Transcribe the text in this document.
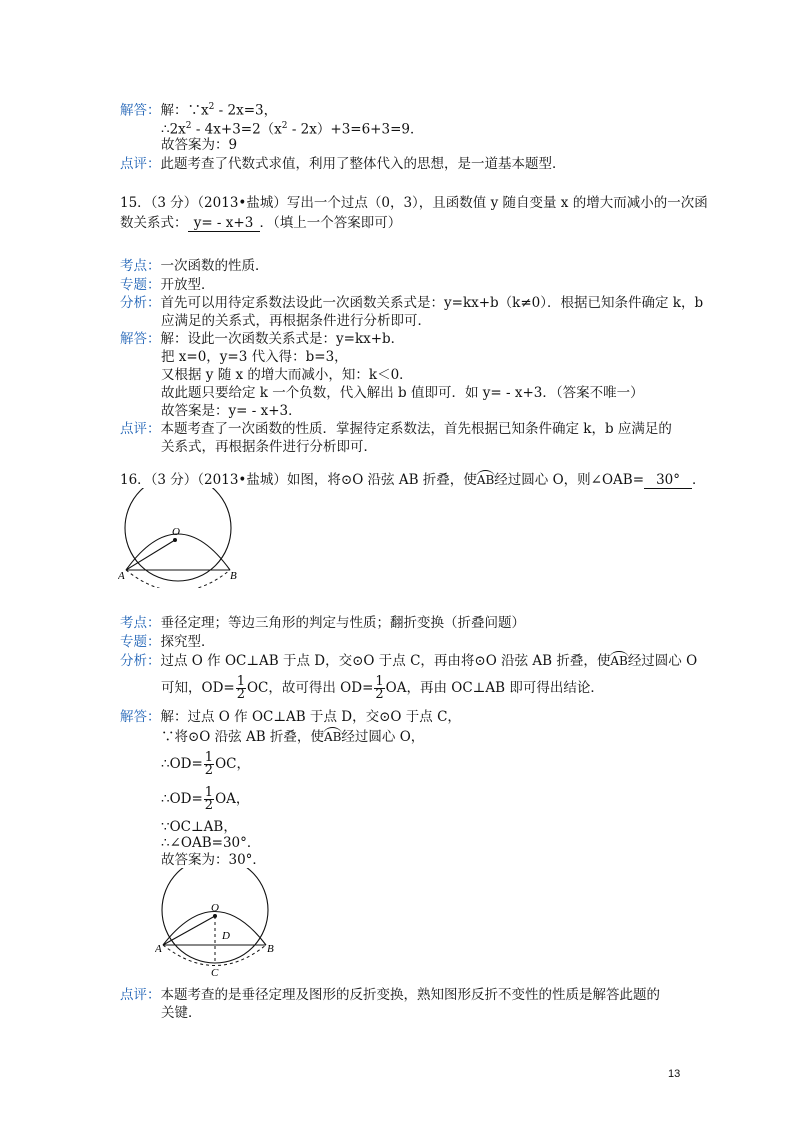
解答：解：$\because x^2 - 2x=3$，
$\therefore 2x^2 - 4x+3=2(x^2 - 2x)+3=6+3=9$．
故答案为：9
点评：此题考查了代数式求值，利用了整体代入的思想，是一道基本题型．
15．（3 分）（2013•盐城）写出一个过点（0，3），且函数值 y 随自变量 x 的增大而减小的一次函
数关系式： y= - x+3 ．（填上一个答案即可）
考点：一次函数的性质．
专题：开放型．
分析：首先可以用待定系数法设此一次函数关系式是：y=kx+b（k≠0）．根据已知条件确定 k，b
应满足的关系式，再根据条件进行分析即可．
解答：解：设此一次函数关系式是：y=kx+b．
把 x=0，y=3 代入得：b=3，
又根据 y 随 x 的增大而减小，知：k＜0．
故此题只要给定 k 一个负数，代入解出 b 值即可．如 y= - x+3．（答案不唯一）
故答案是：y= - x+3．
点评：本题考查了一次函数的性质．掌握待定系数法，首先根据已知条件确定 k，b 应满足的
关系式，再根据条件进行分析即可．
16．（3 分）（2013•盐城）如图，将⊙O 沿弦 AB 折叠，使AB经过圆心 O，则∠OAB= 30° ．
O
A	B
考点：垂径定理；等边三角形的判定与性质；翻折变换（折叠问题）
专题：探究型．
分析：过点 O 作 OC⊥AB 于点 D，交⊙O 于点 C，再由将⊙O 沿弦 AB 折叠，使AB经过圆心 O
可知，$OD= \frac{1}{2}$ OC，故可得出 $OD= \frac{1}{2}$ OA，再由 OC⊥AB 即可得出结论．
解答：解：过点 O 作 OC⊥AB 于点 D，交⊙O 于点 C，
∵将⊙O 沿弦 AB 折叠，使AB经过圆心 O，
∴OD= $\frac{1}{2}$ OC，
∴OD= $\frac{1}{2}$ OA，
∵OC⊥AB，
∴∠OAB=30°．
故答案为：30°．
O
D
A	B
C
点评：本题考查的是垂径定理及图形的反折变换，熟知图形反折不变性的性质是解答此题的
关键．
13
